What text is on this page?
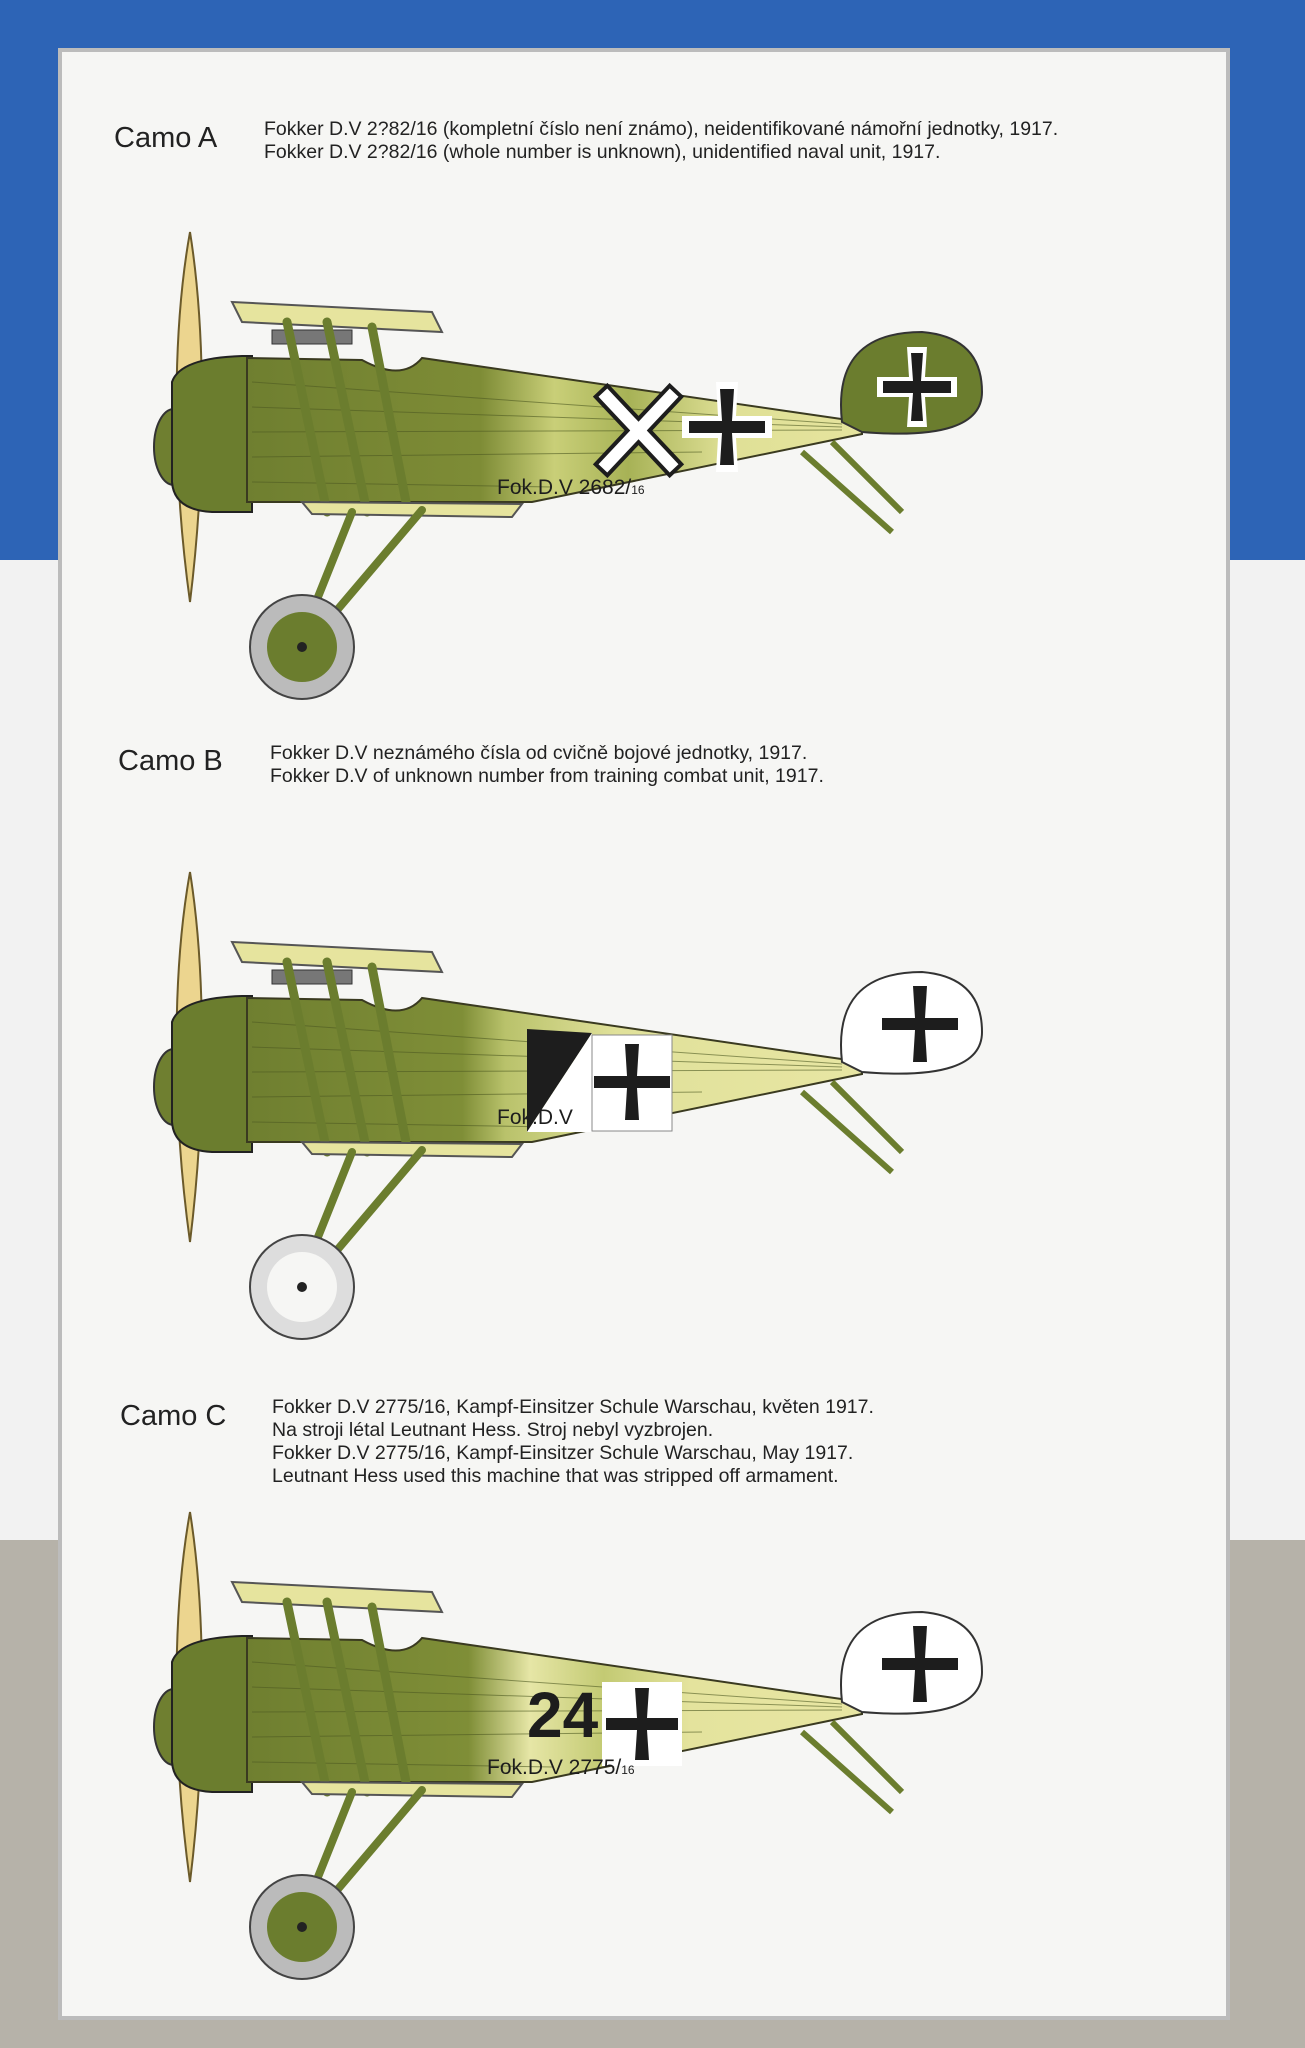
Camo A Fokker D.V 2?82/16 (kompletní číslo není známo), neidentifikované námořní jednotky, 1917.
Fokker D.V 2?82/16 (whole number is unknown), unidentified naval unit, 1917.
Camo B Fokker D.V neznámého čísla od cvičně bojové jednotky, 1917.
Fokker D.V of unknown number from training combat unit, 1917.
Camo C Fokker D.V 2775/16, Kampf-Einsitzer Schule Warschau, květen 1917.
Na stroji létal Leutnant Hess. Stroj nebyl vyzbrojen.
Fokker D.V 2775/16, Kampf-Einsitzer Schule Warschau, May 1917.
Leutnant Hess used this machine that was stripped off armament.
Fok.D.V 2682/16
Fok.D.V
24
Fok.D.V 2775/16
